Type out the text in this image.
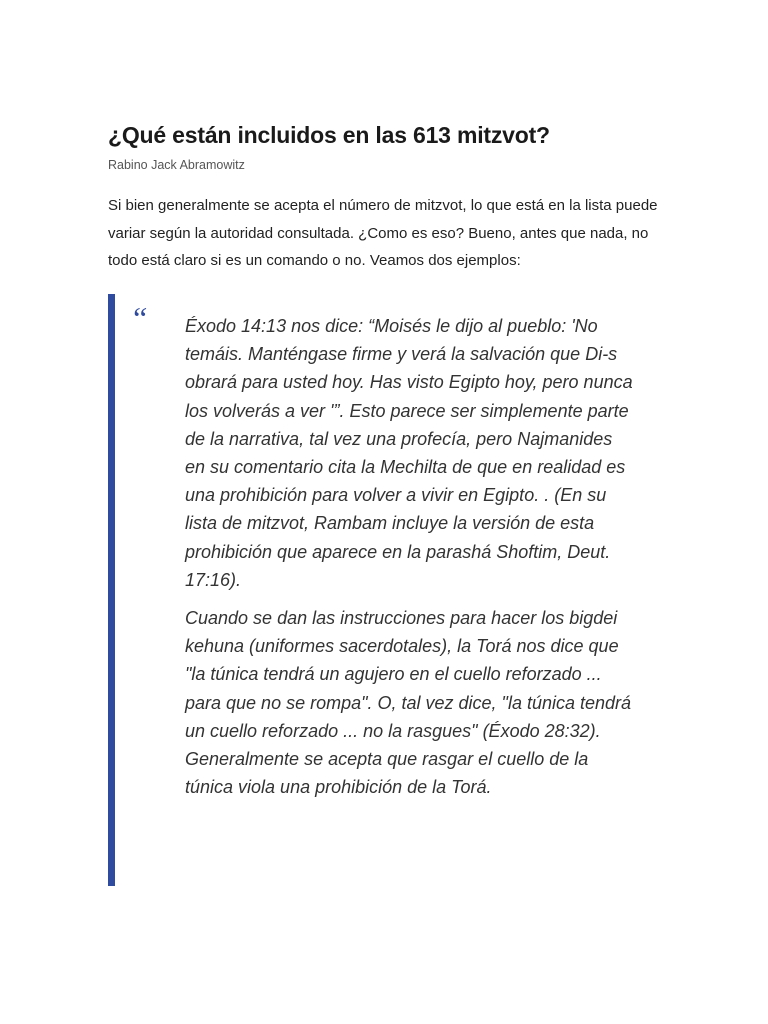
¿Qué están incluidos en las 613 mitzvot?
Rabino Jack Abramowitz
Si bien generalmente se acepta el número de mitzvot, lo que está en la lista puede variar según la autoridad consultada. ¿Como es eso? Bueno, antes que nada, no todo está claro si es un comando o no. Veamos dos ejemplos:
“ Éxodo 14:13 nos dice: “Moisés le dijo al pueblo: 'No temáis. Manténgase firme y verá la salvación que Di-s obrará para usted hoy. Has visto Egipto hoy, pero nunca los volverás a ver '”. Esto parece ser simplemente parte de la narrativa, tal vez una profecía, pero Najmanides en su comentario cita la Mechilta de que en realidad es una prohibición para volver a vivir en Egipto. . (En su lista de mitzvot, Rambam incluye la versión de esta prohibición que aparece en la parashá Shoftim, Deut. 17:16).

Cuando se dan las instrucciones para hacer los bigdei kehuna (uniformes sacerdotales), la Torá nos dice que "la túnica tendrá un agujero en el cuello reforzado ... para que no se rompa". O, tal vez dice, "la túnica tendrá un cuello reforzado ... no la rasgues" (Éxodo 28:32). Generalmente se acepta que rasgar el cuello de la túnica viola una prohibición de la Torá.
